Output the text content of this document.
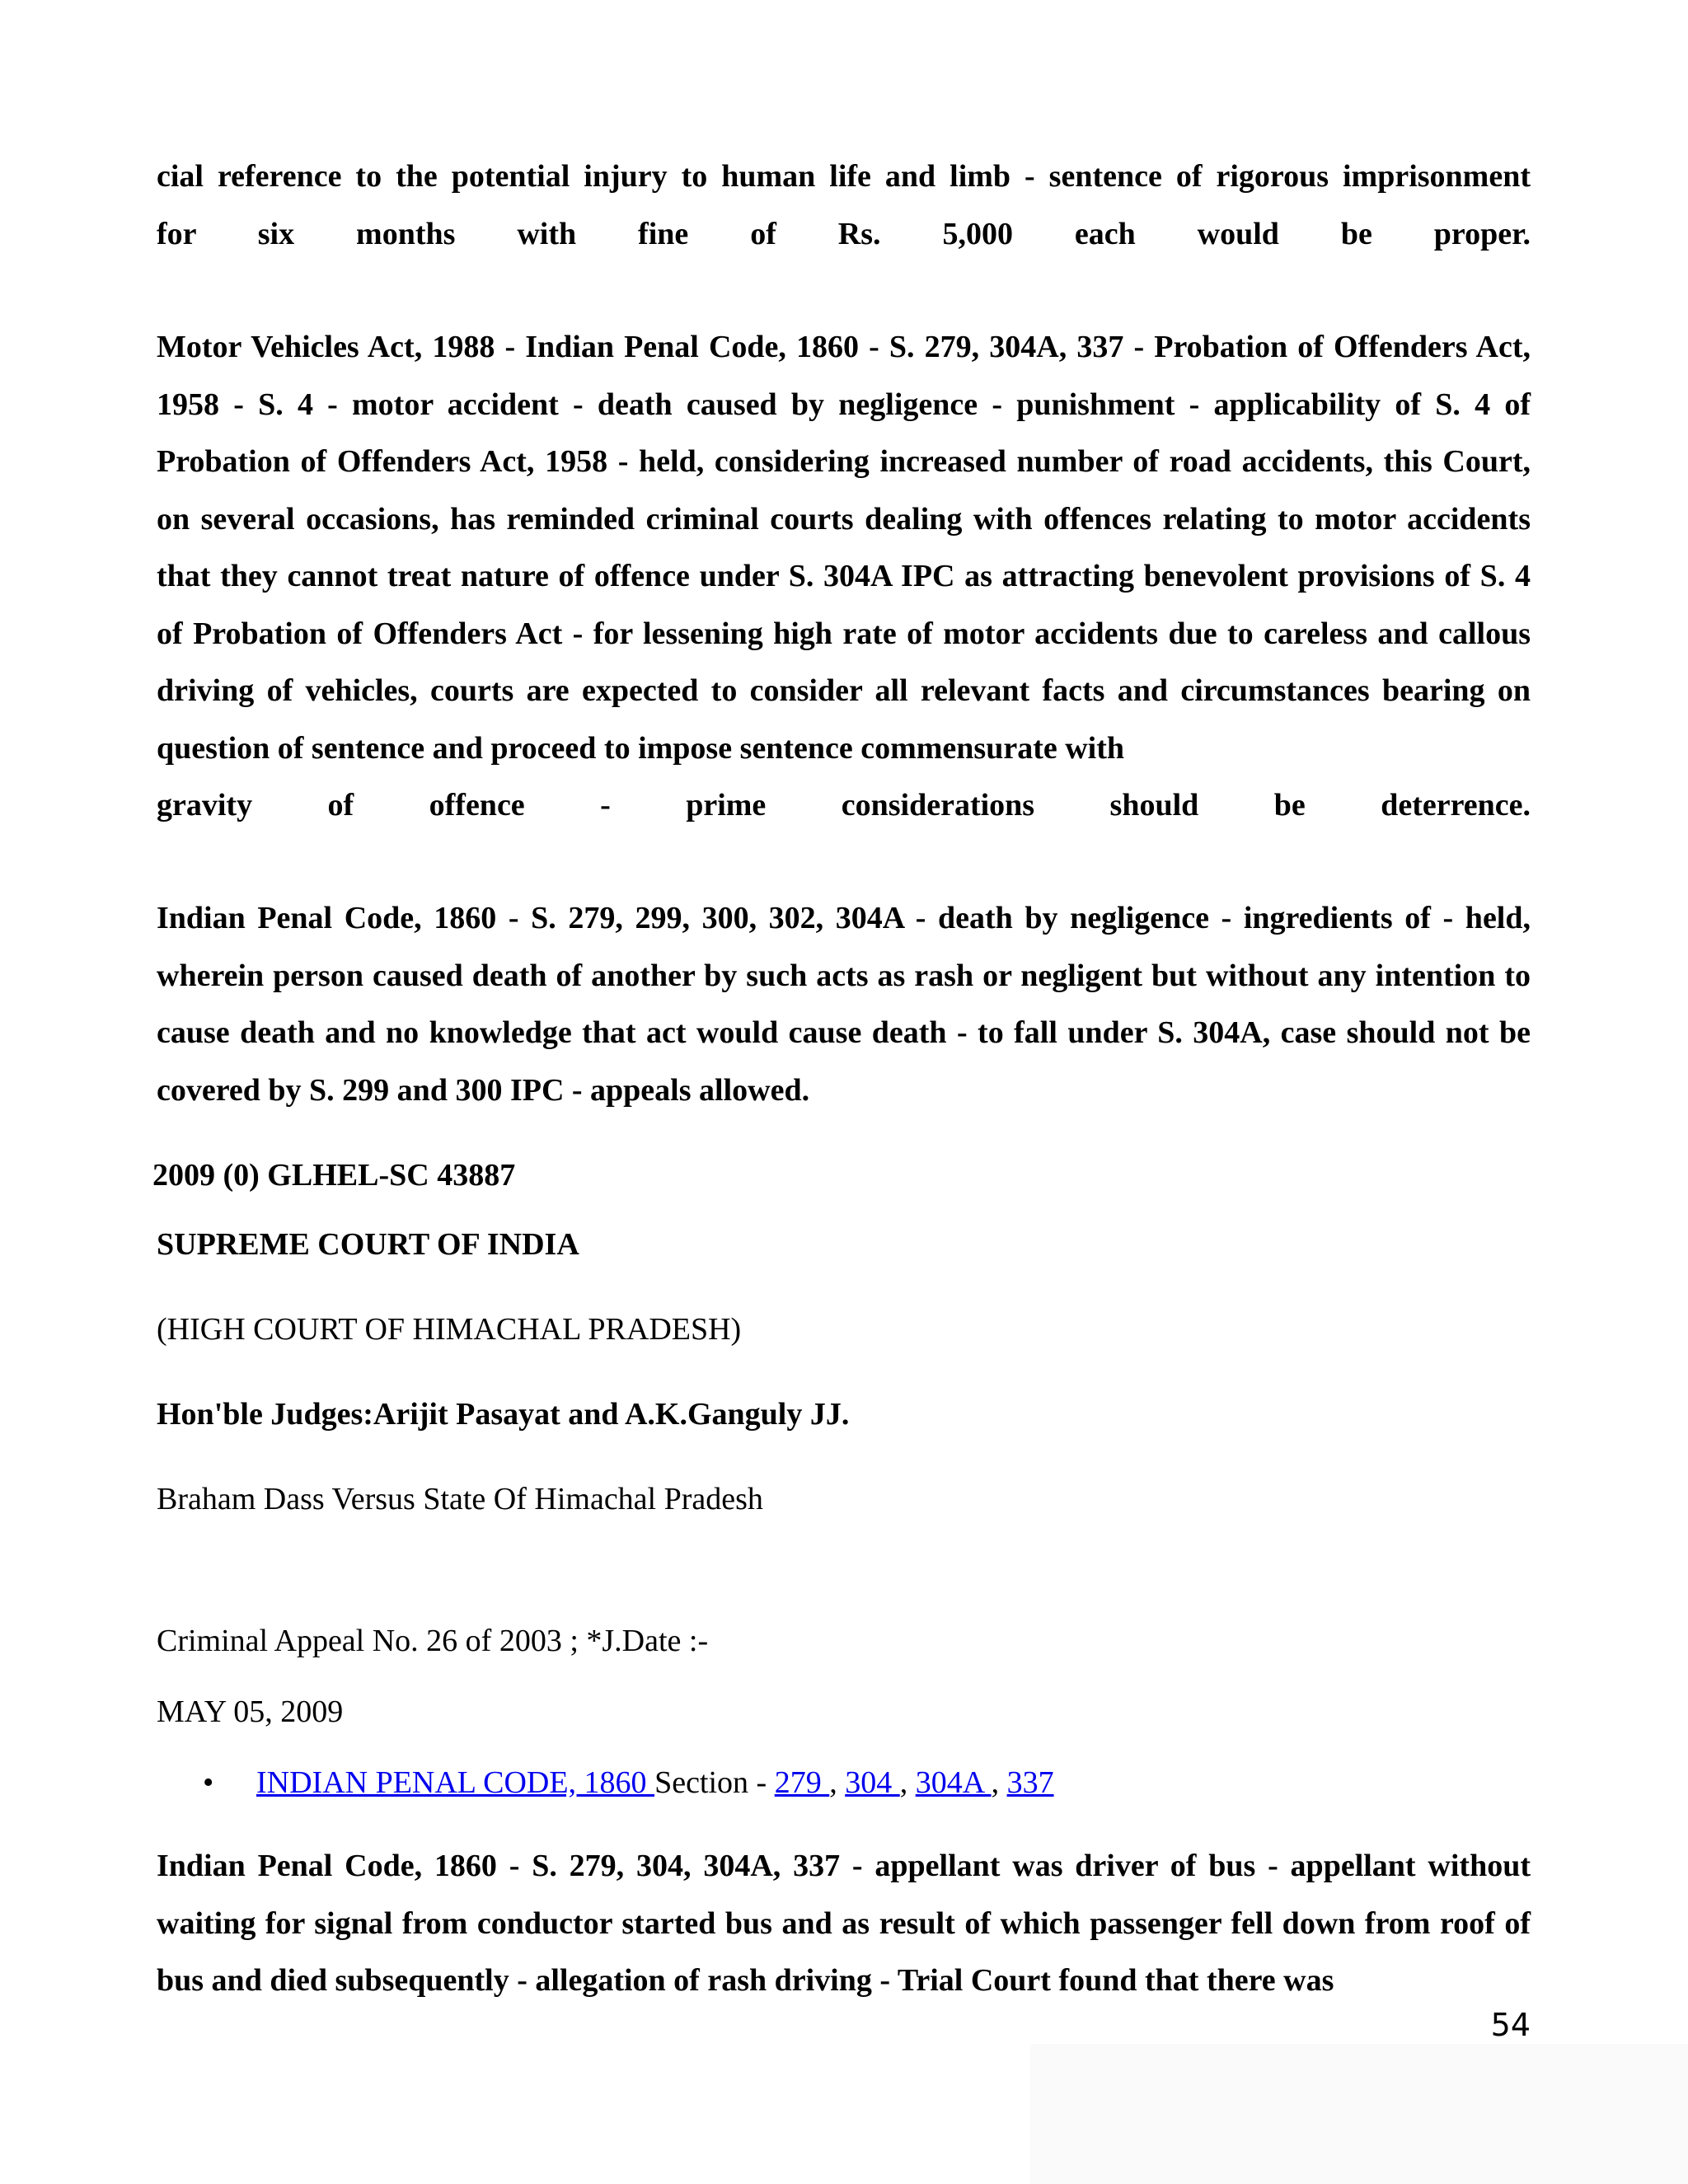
cial reference to the potential injury to human life and limb - sentence of rigorous imprisonment
for six months with fine of Rs. 5,000 each would be proper.

Motor Vehicles Act, 1988 - Indian Penal Code, 1860 - S. 279, 304A, 337 - Probation of Offenders Act, 1958 - S. 4 - motor accident - death caused by negligence - punishment - applicability of S. 4 of Probation of Offenders Act, 1958 - held, considering increased number of road accidents, this Court, on several occasions, has reminded criminal courts dealing with offences relating to motor accidents that they cannot treat nature of offence under S. 304A IPC as attracting benevolent provisions of S. 4 of Probation of Offenders Act - for lessening high rate of motor accidents due to careless and callous driving of vehicles, courts are expected to consider all relevant facts and circumstances bearing on question of sentence and proceed to impose sentence commensurate with
gravity of offence - prime considerations should be deterrence.

Indian Penal Code, 1860 - S. 279, 299, 300, 302, 304A - death by negligence - ingredients of - held, wherein person caused death of another by such acts as rash or negligent but without any intention to cause death and no knowledge that act would cause death - to fall under S. 304A, case should not be covered by S. 299 and 300 IPC - appeals allowed.

2009 (0) GLHEL-SC 43887
SUPREME COURT OF INDIA
(HIGH COURT OF HIMACHAL PRADESH)
Hon'ble Judges:Arijit Pasayat and A.K.Ganguly JJ.
Braham Dass Versus State Of Himachal Pradesh
Criminal Appeal No. 26 of 2003 ; *J.Date :-
MAY 05, 2009
• INDIAN PENAL CODE, 1860 Section - 279 , 304 , 304A , 337

Indian Penal Code, 1860 - S. 279, 304, 304A, 337 - appellant was driver of bus - appellant without waiting for signal from conductor started bus and as result of which passenger fell down from roof of bus and died subsequently - allegation of rash driving - Trial Court found that there was

54
